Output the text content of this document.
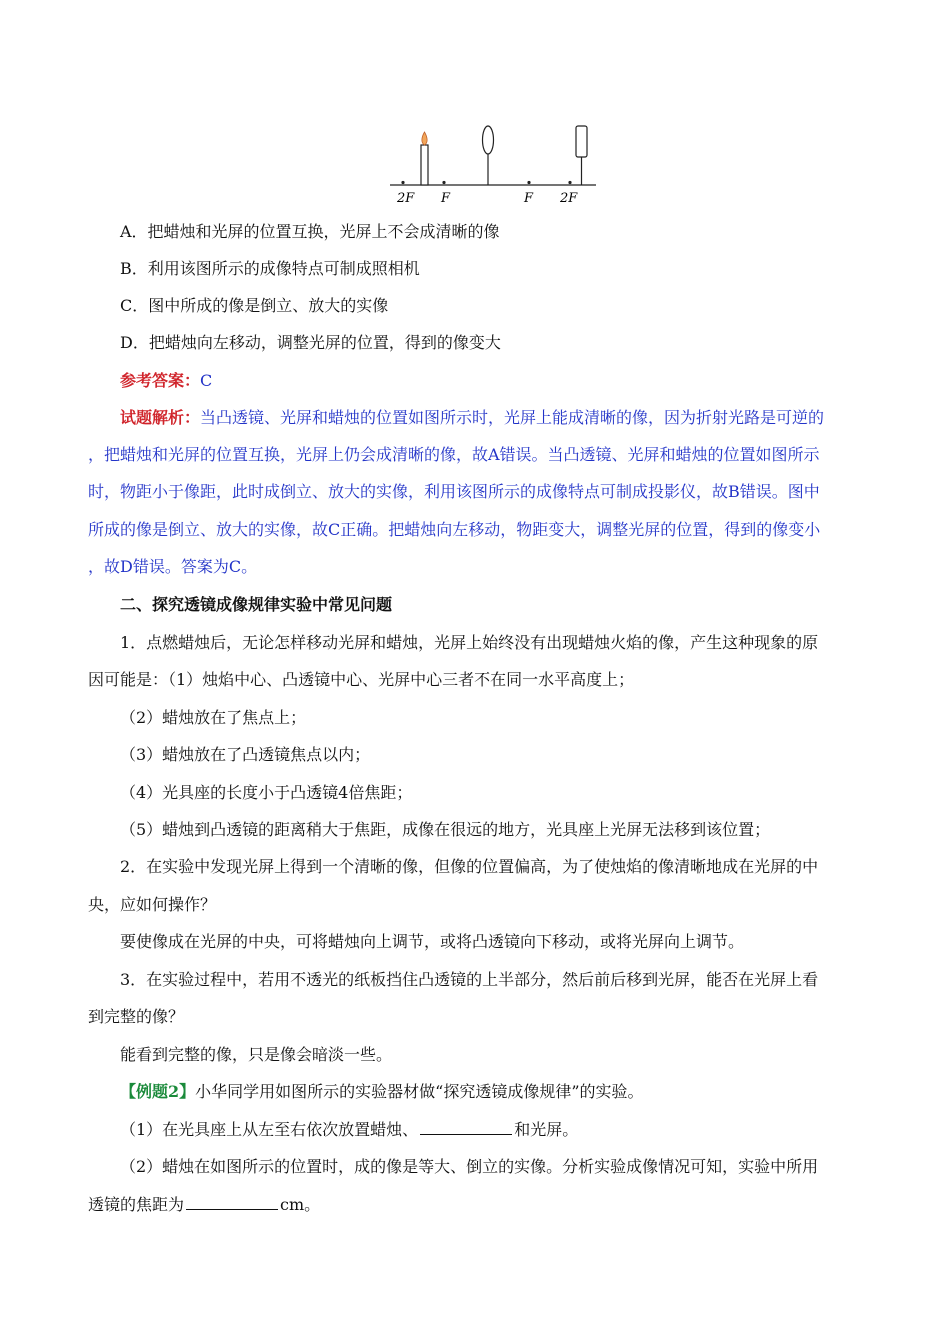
2F F	F 2F
A．把蜡烛和光屏的位置互换，光屏上不会成清晰的像
B．利用该图所示的成像特点可制成照相机
C．图中所成的像是倒立、放大的实像
D．把蜡烛向左移动，调整光屏的位置，得到的像变大
参考答案：C
试题解析：当凸透镜、光屏和蜡烛的位置如图所示时，光屏上能成清晰的像，因为折射光路是可逆的
，把蜡烛和光屏的位置互换，光屏上仍会成清晰的像，故A错误。当凸透镜、光屏和蜡烛的位置如图所示
时，物距小于像距，此时成倒立、放大的实像，利用该图所示的成像特点可制成投影仪，故B错误。图中
所成的像是倒立、放大的实像，故C正确。把蜡烛向左移动，物距变大，调整光屏的位置，得到的像变小
，故D错误。答案为C。
二、探究透镜成像规律实验中常见问题
1．点燃蜡烛后，无论怎样移动光屏和蜡烛，光屏上始终没有出现蜡烛火焰的像，产生这种现象的原
因可能是：（1）烛焰中心、凸透镜中心、光屏中心三者不在同一水平高度上；
（2）蜡烛放在了焦点上；
（3）蜡烛放在了凸透镜焦点以内；
（4）光具座的长度小于凸透镜4倍焦距；
（5）蜡烛到凸透镜的距离稍大于焦距，成像在很远的地方，光具座上光屏无法移到该位置；
2．在实验中发现光屏上得到一个清晰的像，但像的位置偏高，为了使烛焰的像清晰地成在光屏的中
央，应如何操作？
要使像成在光屏的中央，可将蜡烛向上调节，或将凸透镜向下移动，或将光屏向上调节。
3．在实验过程中，若用不透光的纸板挡住凸透镜的上半部分，然后前后移到光屏，能否在光屏上看
到完整的像？
能看到完整的像，只是像会暗淡一些。
【例题2】小华同学用如图所示的实验器材做“探究透镜成像规律”的实验。
（1）在光具座上从左至右依次放置蜡烛、	和光屏。
（2）蜡烛在如图所示的位置时，成的像是等大、倒立的实像。分析实验成像情况可知，实验中所用
透镜的焦距为	cm。
